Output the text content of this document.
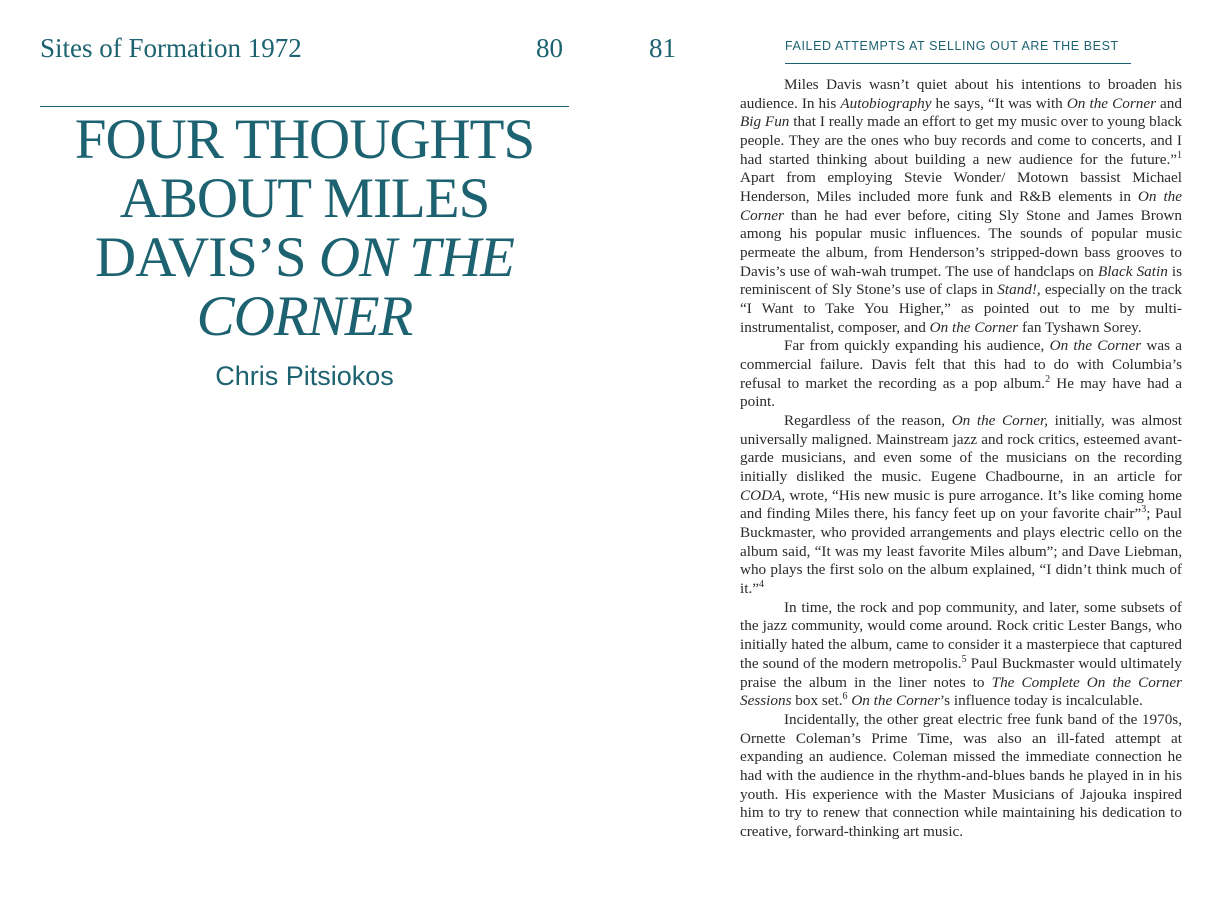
Sites of Formation 1972	80
FOUR THOUGHTS
ABOUT MILES
DAVIS’S ON THE
CORNER
Chris Pitsiokos
81	FAILED ATTEMPTS AT SELLING OUT ARE THE BEST

Miles Davis wasn’t quiet about his intentions to broaden his audience. In his Autobiography he says, “It was with On the Corner and Big Fun that I really made an effort to get my music over to young black people. They are the ones who buy records and come to concerts, and I had started thinking about building a new audience for the future.”$^1$ Apart from employing Stevie Wonder/ Motown bassist Michael Henderson, Miles included more funk and R&B elements in On the Corner than he had ever before, citing Sly Stone and James Brown among his popular music influences. The sounds of popular music permeate the album, from Henderson’s stripped-down bass grooves to Davis’s use of wah-wah trumpet. The use of handclaps on Black Satin is reminiscent of Sly Stone’s use of claps in Stand!, especially on the track “I Want to Take You Higher,” as pointed out to me by multi-instrumentalist, composer, and On the Corner fan Tyshawn Sorey.

Far from quickly expanding his audience, On the Corner was a commercial failure. Davis felt that this had to do with Columbia’s refusal to market the recording as a pop album.$^2$ He may have had a point.

Regardless of the reason, On the Corner, initially, was almost universally maligned. Mainstream jazz and rock critics, esteemed avant-garde musicians, and even some of the musicians on the recording initially disliked the music. Eugene Chadbourne, in an article for CODA, wrote, “His new music is pure arrogance. It’s like coming home and finding Miles there, his fancy feet up on your favorite chair”$^3$; Paul Buckmaster, who provided arrangements and plays electric cello on the album said, “It was my least favorite Miles album”; and Dave Liebman, who plays the first solo on the album explained, “I didn’t think much of it.”$^4$

In time, the rock and pop community, and later, some subsets of the jazz community, would come around. Rock critic Lester Bangs, who initially hated the album, came to consider it a masterpiece that captured the sound of the modern metropolis.$^5$ Paul Buckmaster would ultimately praise the album in the liner notes to The Complete On the Corner Sessions box set.$^6$ On the Corner’s influence today is incalculable.

Incidentally, the other great electric free funk band of the 1970s, Ornette Coleman’s Prime Time, was also an ill-fated attempt at expanding an audience. Coleman missed the immediate connection he had with the audience in the rhythm-and-blues bands he played in in his youth. His experience with the Master Musicians of Jajouka inspired him to try to renew that connection while maintaining his dedication to creative, forward-thinking art music.
